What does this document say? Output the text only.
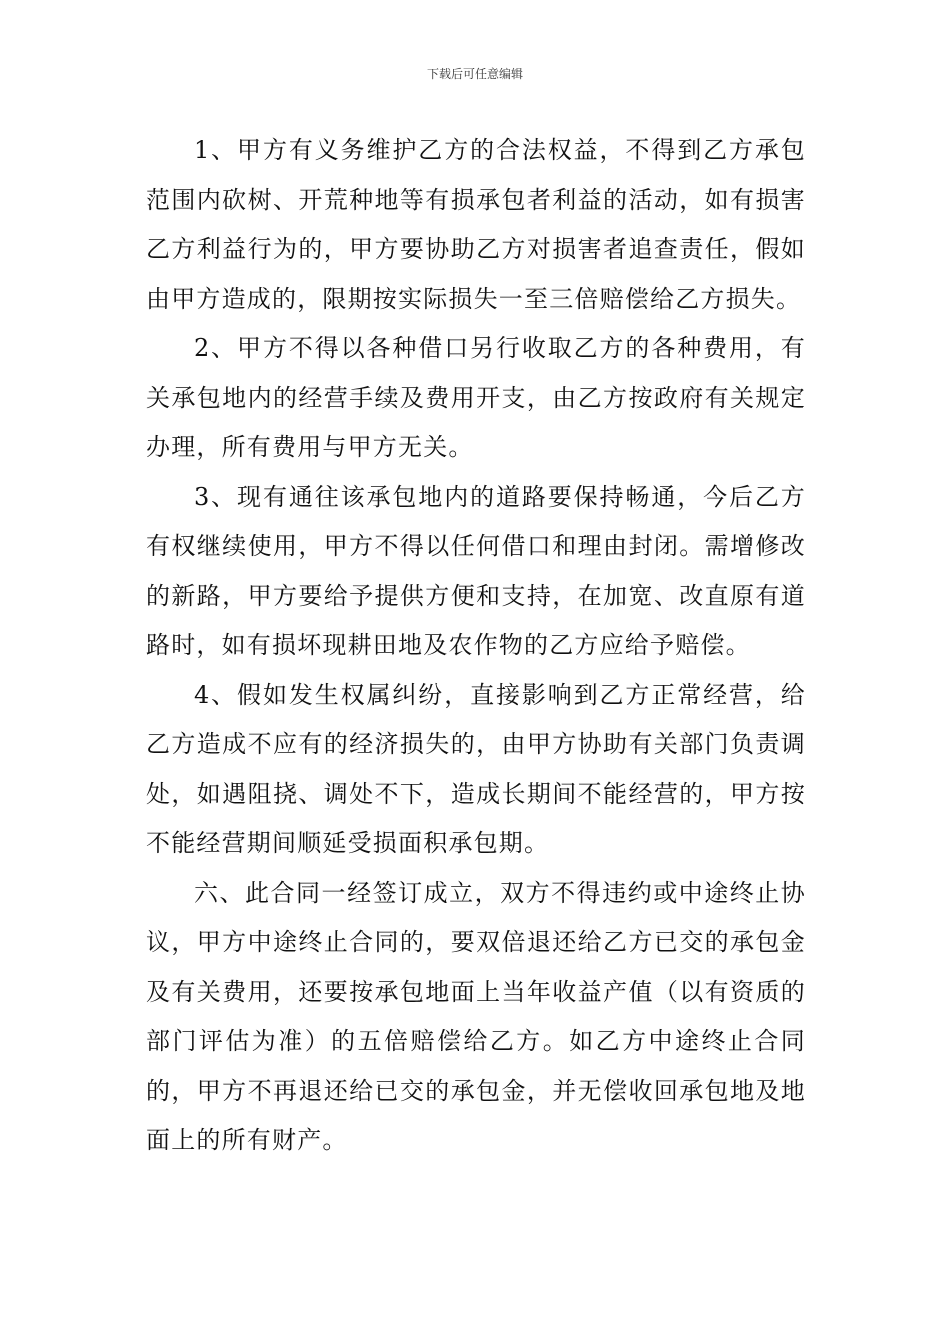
下载后可任意编辑

1、甲方有义务维护乙方的合法权益，不得到乙方承包范围内砍树、开荒种地等有损承包者利益的活动，如有损害乙方利益行为的，甲方要协助乙方对损害者追查责任，假如由甲方造成的，限期按实际损失一至三倍赔偿给乙方损失。

2、甲方不得以各种借口另行收取乙方的各种费用，有关承包地内的经营手续及费用开支，由乙方按政府有关规定办理，所有费用与甲方无关。

3、现有通往该承包地内的道路要保持畅通，今后乙方有权继续使用，甲方不得以任何借口和理由封闭。需增修改的新路，甲方要给予提供方便和支持，在加宽、改直原有道路时，如有损坏现耕田地及农作物的乙方应给予赔偿。

4、假如发生权属纠纷，直接影响到乙方正常经营，给乙方造成不应有的经济损失的，由甲方协助有关部门负责调处，如遇阻挠、调处不下，造成长期间不能经营的，甲方按不能经营期间顺延受损面积承包期。

六、此合同一经签订成立，双方不得违约或中途终止协议，甲方中途终止合同的，要双倍退还给乙方已交的承包金及有关费用，还要按承包地面上当年收益产值（以有资质的部门评估为准）的五倍赔偿给乙方。如乙方中途终止合同的，甲方不再退还给已交的承包金，并无偿收回承包地及地面上的所有财产。
